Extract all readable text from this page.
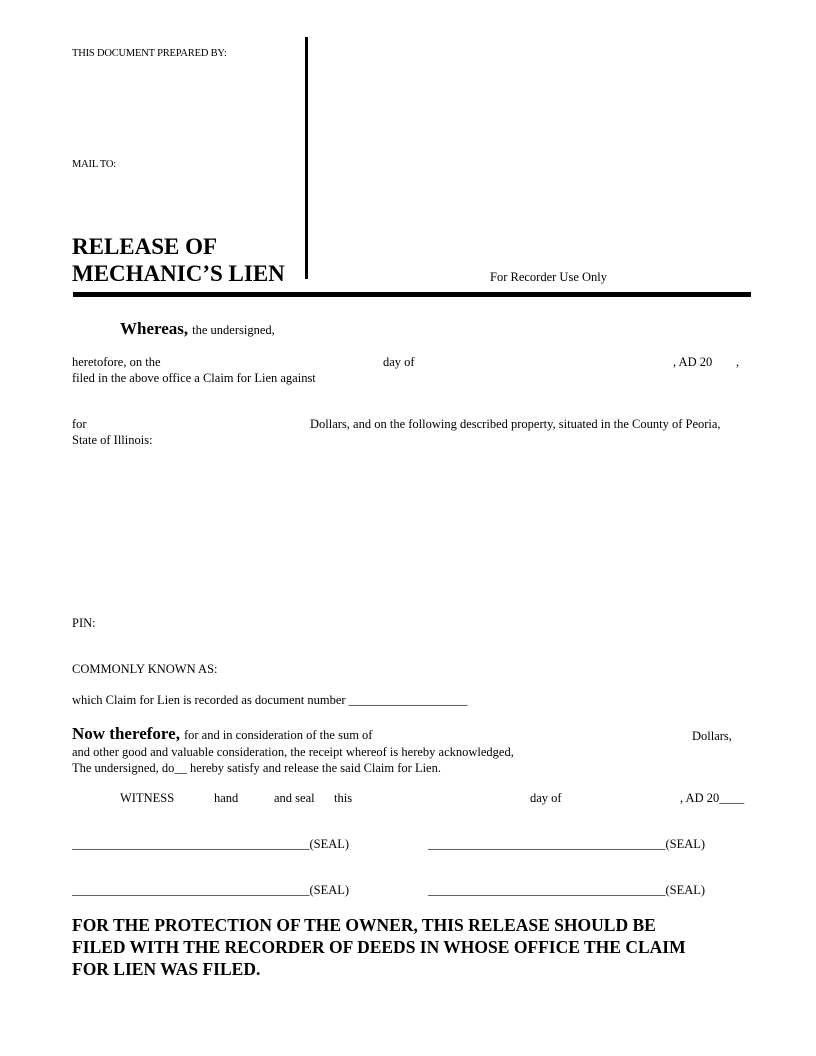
THIS DOCUMENT PREPARED BY:
MAIL TO:
RELEASE OF
MECHANIC’S LIEN	For Recorder Use Only
Whereas, the undersigned,
heretofore, on the	day of	, AD 20 ,
filed in the above office a Claim for Lien against
for	Dollars, and on the following described property, situated in the County of Peoria,
State of Illinois:
PIN:
COMMONLY KNOWN AS:
which Claim for Lien is recorded as document number ___________________
Now therefore, for and in consideration of the sum of	Dollars,
and other good and valuable consideration, the receipt whereof is hereby acknowledged,
The undersigned, do__ hereby satisfy and release the said Claim for Lien.
WITNESS	hand	and seal this	day of	, AD 20____
______________________________________(SEAL)	______________________________________(SEAL)
______________________________________(SEAL)	______________________________________(SEAL)
FOR THE PROTECTION OF THE OWNER, THIS RELEASE SHOULD BE
FILED WITH THE RECORDER OF DEEDS IN WHOSE OFFICE THE CLAIM
FOR LIEN WAS FILED.
